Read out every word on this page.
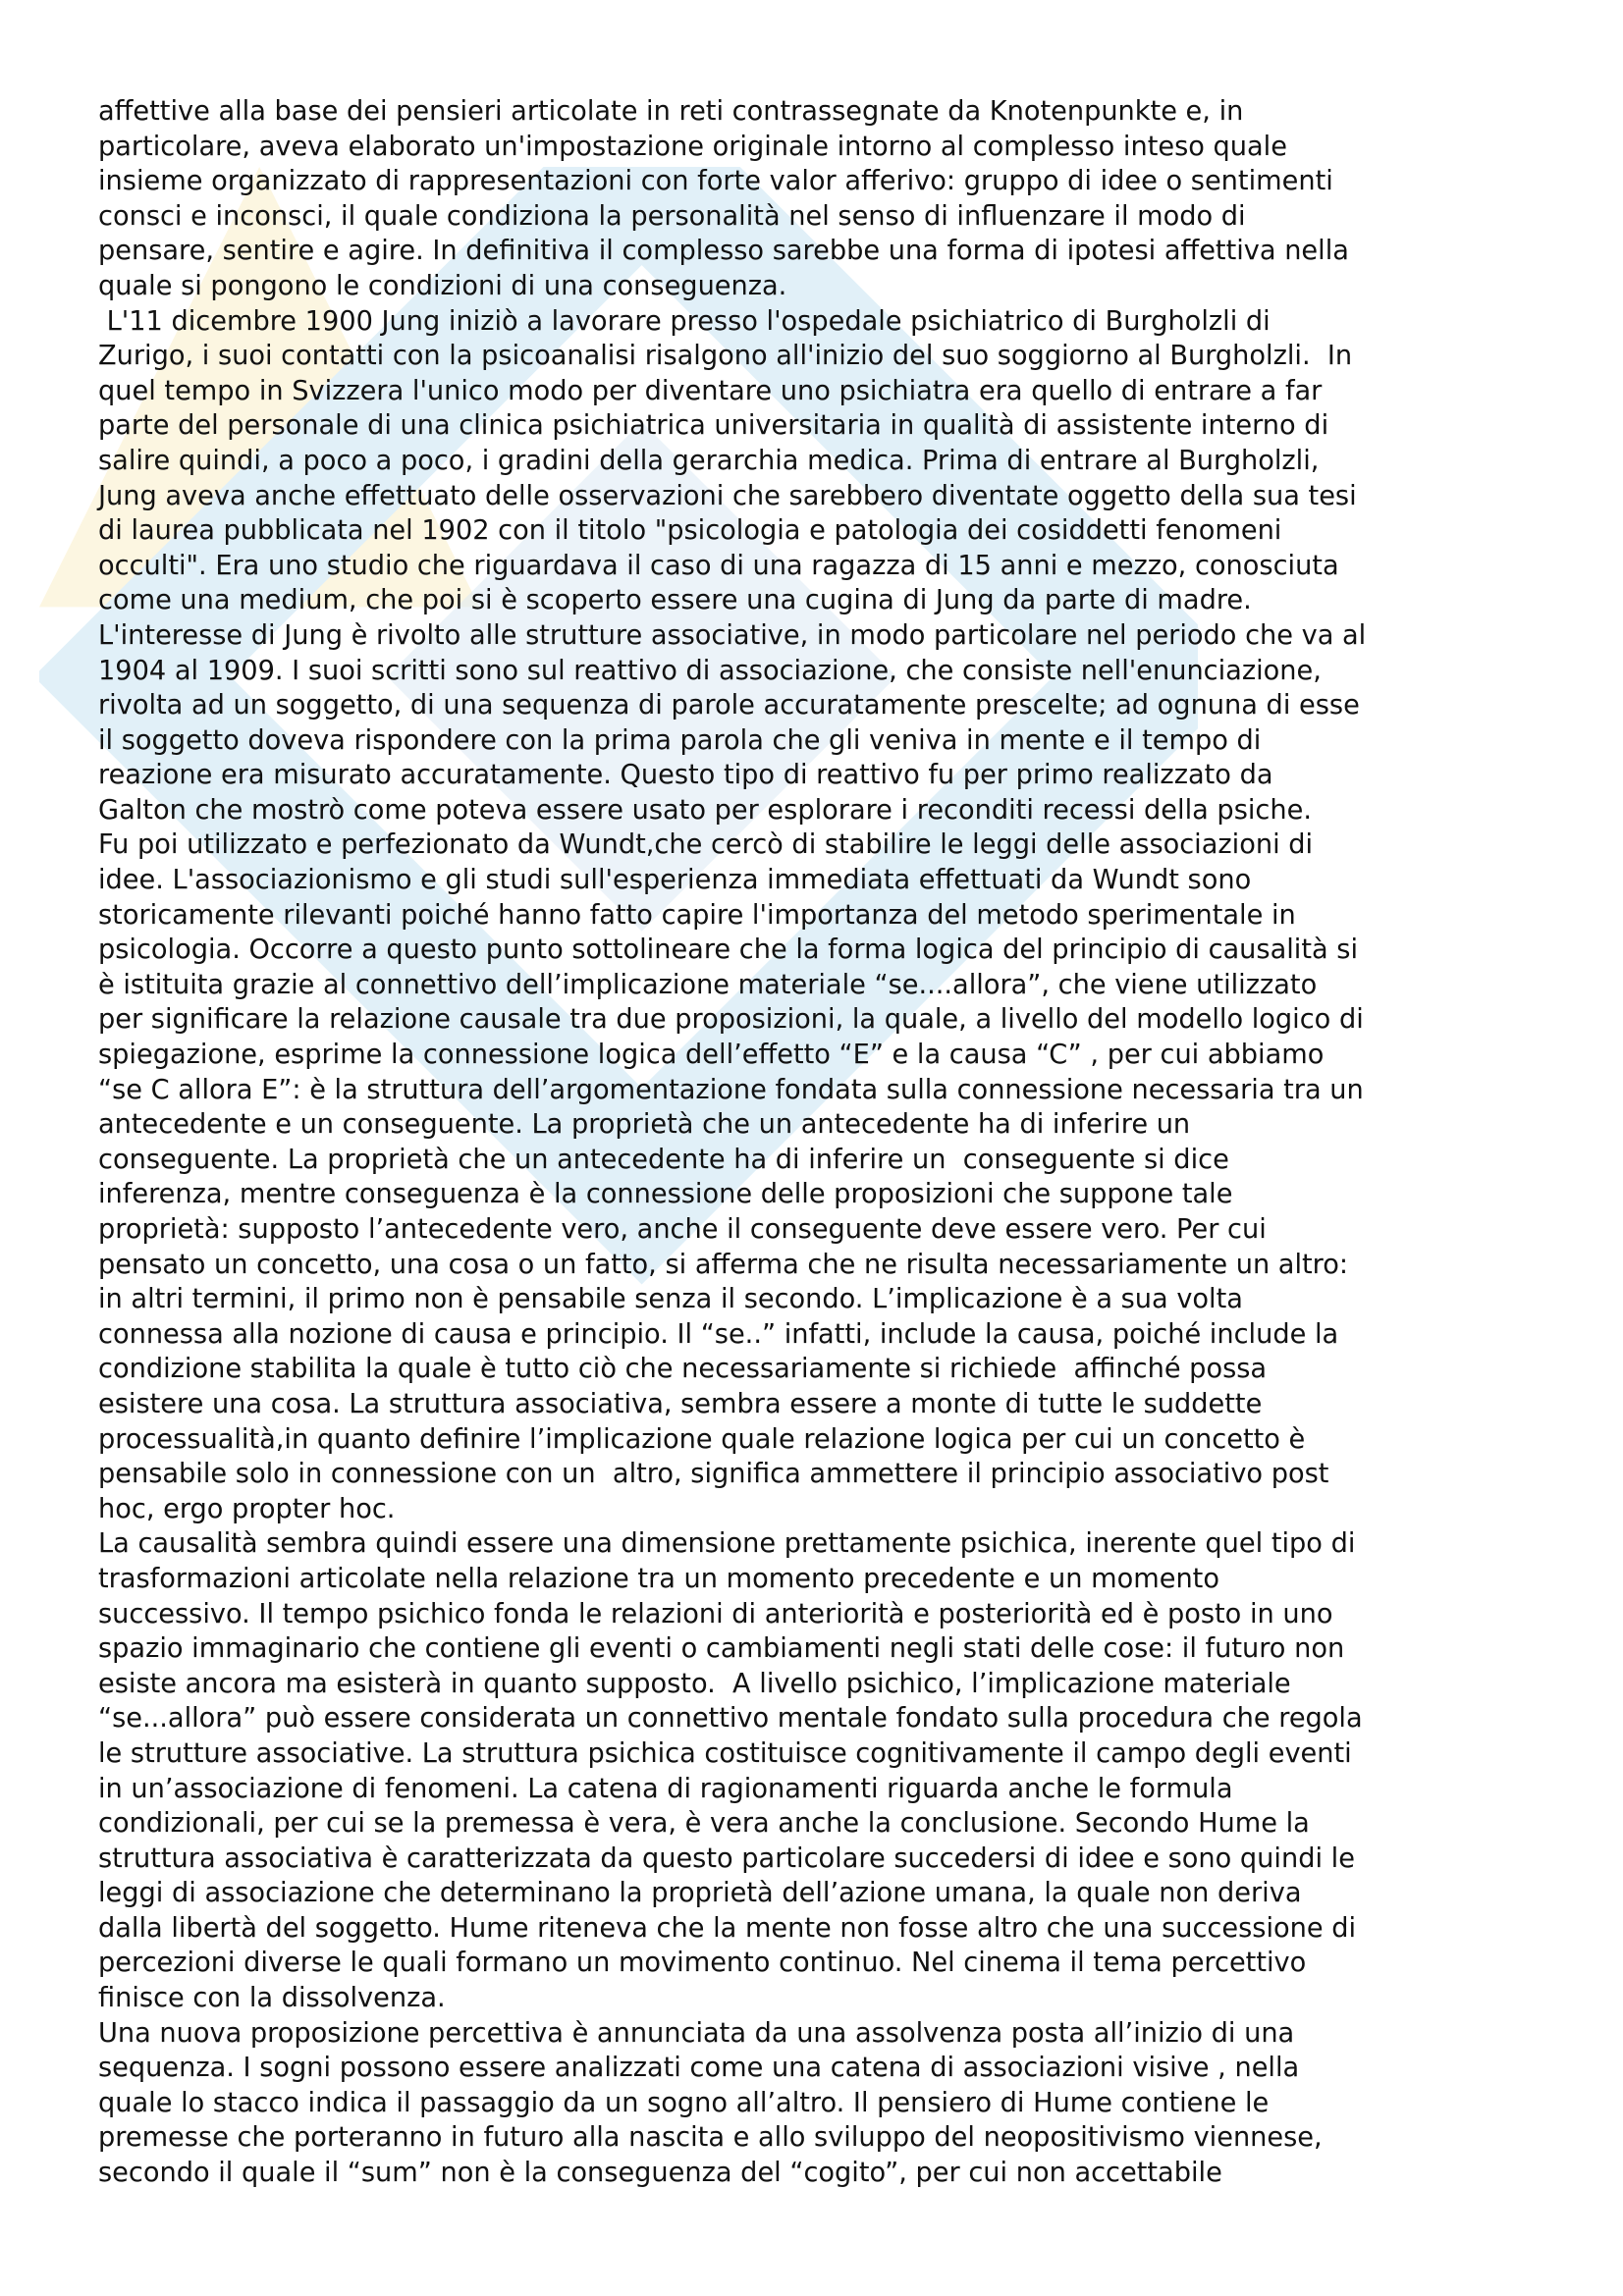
affettive alla base dei pensieri articolate in reti contrassegnate da Knotenpunkte e, in
particolare, aveva elaborato un'impostazione originale intorno al complesso inteso quale
insieme organizzato di rappresentazioni con forte valor afferivo: gruppo di idee o sentimenti
consci e inconsci, il quale condiziona la personalità nel senso di influenzare il modo di
pensare, sentire e agire. In definitiva il complesso sarebbe una forma di ipotesi affettiva nella
quale si pongono le condizioni di una conseguenza.

L'11 dicembre 1900 Jung iniziò a lavorare presso l'ospedale psichiatrico di Burgholzli di
Zurigo, i suoi contatti con la psicoanalisi risalgono all'inizio del suo soggiorno al Burgholzli.  In
quel tempo in Svizzera l'unico modo per diventare uno psichiatra era quello di entrare a far
parte del personale di una clinica psichiatrica universitaria in qualità di assistente interno di
salire quindi, a poco a poco, i gradini della gerarchia medica. Prima di entrare al Burgholzli,
Jung aveva anche effettuato delle osservazioni che sarebbero diventate oggetto della sua tesi
di laurea pubblicata nel 1902 con il titolo "psicologia e patologia dei cosiddetti fenomeni
occulti". Era uno studio che riguardava il caso di una ragazza di 15 anni e mezzo, conosciuta
come una medium, che poi si è scoperto essere una cugina di Jung da parte di madre.
L'interesse di Jung è rivolto alle strutture associative, in modo particolare nel periodo che va al
1904 al 1909. I suoi scritti sono sul reattivo di associazione, che consiste nell'enunciazione,
rivolta ad un soggetto, di una sequenza di parole accuratamente prescelte; ad ognuna di esse
il soggetto doveva rispondere con la prima parola che gli veniva in mente e il tempo di
reazione era misurato accuratamente. Questo tipo di reattivo fu per primo realizzato da
Galton che mostrò come poteva essere usato per esplorare i reconditi recessi della psiche.
Fu poi utilizzato e perfezionato da Wundt,che cercò di stabilire le leggi delle associazioni di
idee. L'associazionismo e gli studi sull'esperienza immediata effettuati da Wundt sono
storicamente rilevanti poiché hanno fatto capire l'importanza del metodo sperimentale in
psicologia. Occorre a questo punto sottolineare che la forma logica del principio di causalità si
è istituita grazie al connettivo dell’implicazione materiale “se....allora”, che viene utilizzato
per significare la relazione causale tra due proposizioni, la quale, a livello del modello logico di
spiegazione, esprime la connessione logica dell’effetto “E” e la causa “C” , per cui abbiamo
“se C allora E”: è la struttura dell’argomentazione fondata sulla connessione necessaria tra un
antecedente e un conseguente. La proprietà che un antecedente ha di inferire un
conseguente. La proprietà che un antecedente ha di inferire un  conseguente si dice
inferenza, mentre conseguenza è la connessione delle proposizioni che suppone tale
proprietà: supposto l’antecedente vero, anche il conseguente deve essere vero. Per cui
pensato un concetto, una cosa o un fatto, si afferma che ne risulta necessariamente un altro:
in altri termini, il primo non è pensabile senza il secondo. L’implicazione è a sua volta
connessa alla nozione di causa e principio. Il “se..” infatti, include la causa, poiché include la
condizione stabilita la quale è tutto ciò che necessariamente si richiede  affinché possa
esistere una cosa. La struttura associativa, sembra essere a monte di tutte le suddette
processualità,in quanto definire l’implicazione quale relazione logica per cui un concetto è
pensabile solo in connessione con un  altro, significa ammettere il principio associativo post
hoc, ergo propter hoc.

La causalità sembra quindi essere una dimensione prettamente psichica, inerente quel tipo di
trasformazioni articolate nella relazione tra un momento precedente e un momento
successivo. Il tempo psichico fonda le relazioni di anteriorità e posteriorità ed è posto in uno
spazio immaginario che contiene gli eventi o cambiamenti negli stati delle cose: il futuro non
esiste ancora ma esisterà in quanto supposto.  A livello psichico, l’implicazione materiale
“se...allora” può essere considerata un connettivo mentale fondato sulla procedura che regola
le strutture associative. La struttura psichica costituisce cognitivamente il campo degli eventi
in un’associazione di fenomeni. La catena di ragionamenti riguarda anche le formula
condizionali, per cui se la premessa è vera, è vera anche la conclusione. Secondo Hume la
struttura associativa è caratterizzata da questo particolare succedersi di idee e sono quindi le
leggi di associazione che determinano la proprietà dell’azione umana, la quale non deriva
dalla libertà del soggetto. Hume riteneva che la mente non fosse altro che una successione di
percezioni diverse le quali formano un movimento continuo. Nel cinema il tema percettivo
finisce con la dissolvenza.

Una nuova proposizione percettiva è annunciata da una assolvenza posta all’inizio di una
sequenza. I sogni possono essere analizzati come una catena di associazioni visive , nella
quale lo stacco indica il passaggio da un sogno all’altro. Il pensiero di Hume contiene le
premesse che porteranno in futuro alla nascita e allo sviluppo del neopositivismo viennese,
secondo il quale il “sum” non è la conseguenza del “cogito”, per cui non accettabile
